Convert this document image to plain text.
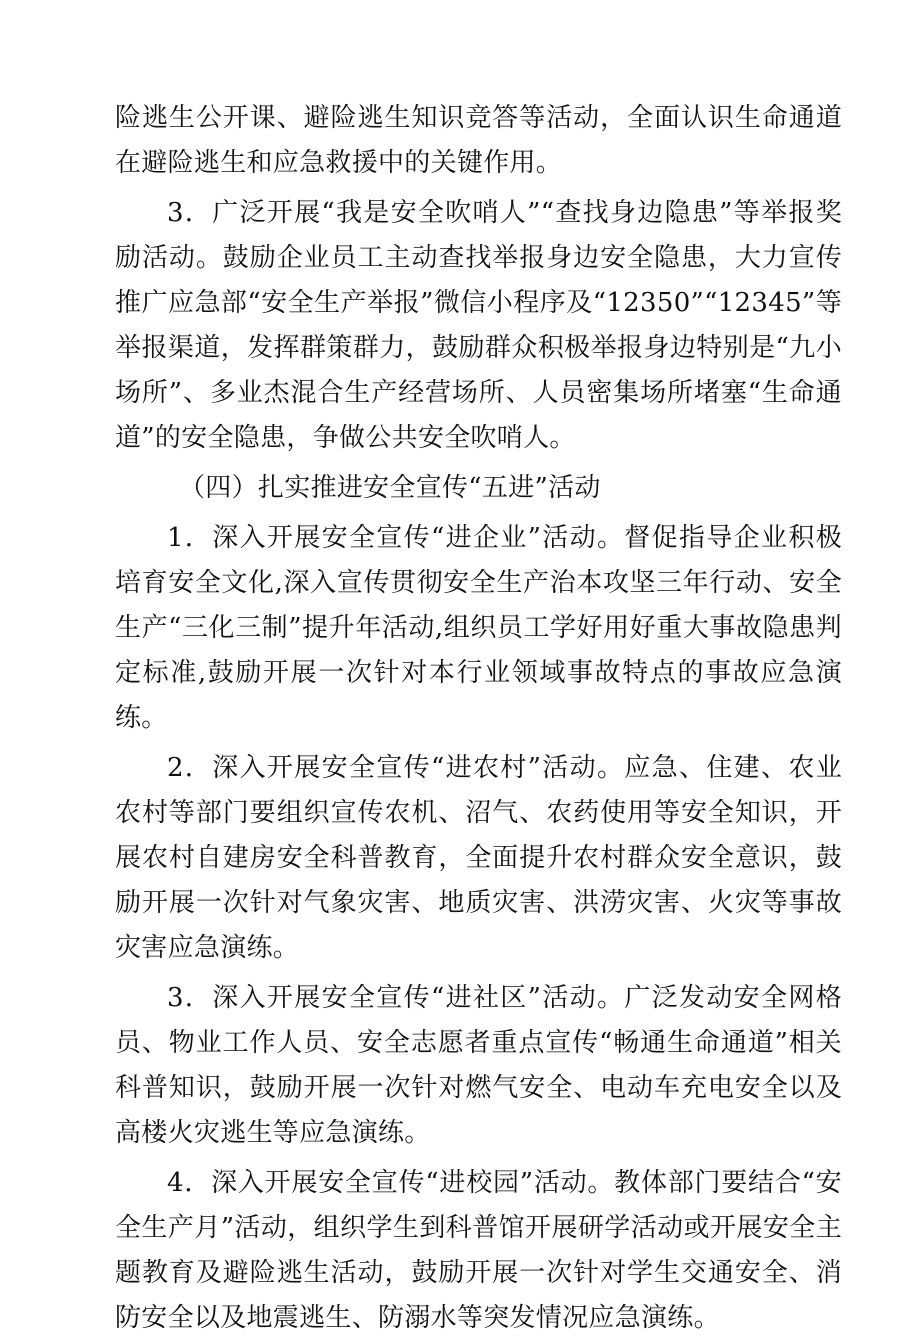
险逃生公开课、避险逃生知识竞答等活动，全面认识生命通道在避险逃生和应急救援中的关键作用。

3．广泛开展“我是安全吹哨人”“查找身边隐患”等举报奖励活动。鼓励企业员工主动查找举报身边安全隐患，大力宣传推广应急部“安全生产举报”微信小程序及“12350”“12345”等举报渠道，发挥群策群力，鼓励群众积极举报身边特别是“九小场所”、多业杰混合生产经营场所、人员密集场所堵塞“生命通道”的安全隐患，争做公共安全吹哨人。

（四）扎实推进安全宣传“五进”活动

1．深入开展安全宣传“进企业”活动。督促指导企业积极培育安全文化,深入宣传贯彻安全生产治本攻坚三年行动、安全生产“三化三制”提升年活动,组织员工学好用好重大事故隐患判定标准,鼓励开展一次针对本行业领域事故特点的事故应急演练。

2．深入开展安全宣传“进农村”活动。应急、住建、农业农村等部门要组织宣传农机、沼气、农药使用等安全知识，开展农村自建房安全科普教育，全面提升农村群众安全意识，鼓励开展一次针对气象灾害、地质灾害、洪涝灾害、火灾等事故灾害应急演练。

3．深入开展安全宣传“进社区”活动。广泛发动安全网格员、物业工作人员、安全志愿者重点宣传“畅通生命通道”相关科普知识，鼓励开展一次针对燃气安全、电动车充电安全以及高楼火灾逃生等应急演练。

4．深入开展安全宣传“进校园”活动。教体部门要结合“安全生产月”活动，组织学生到科普馆开展研学活动或开展安全主题教育及避险逃生活动，鼓励开展一次针对学生交通安全、消防安全以及地震逃生、防溺水等突发情况应急演练。
